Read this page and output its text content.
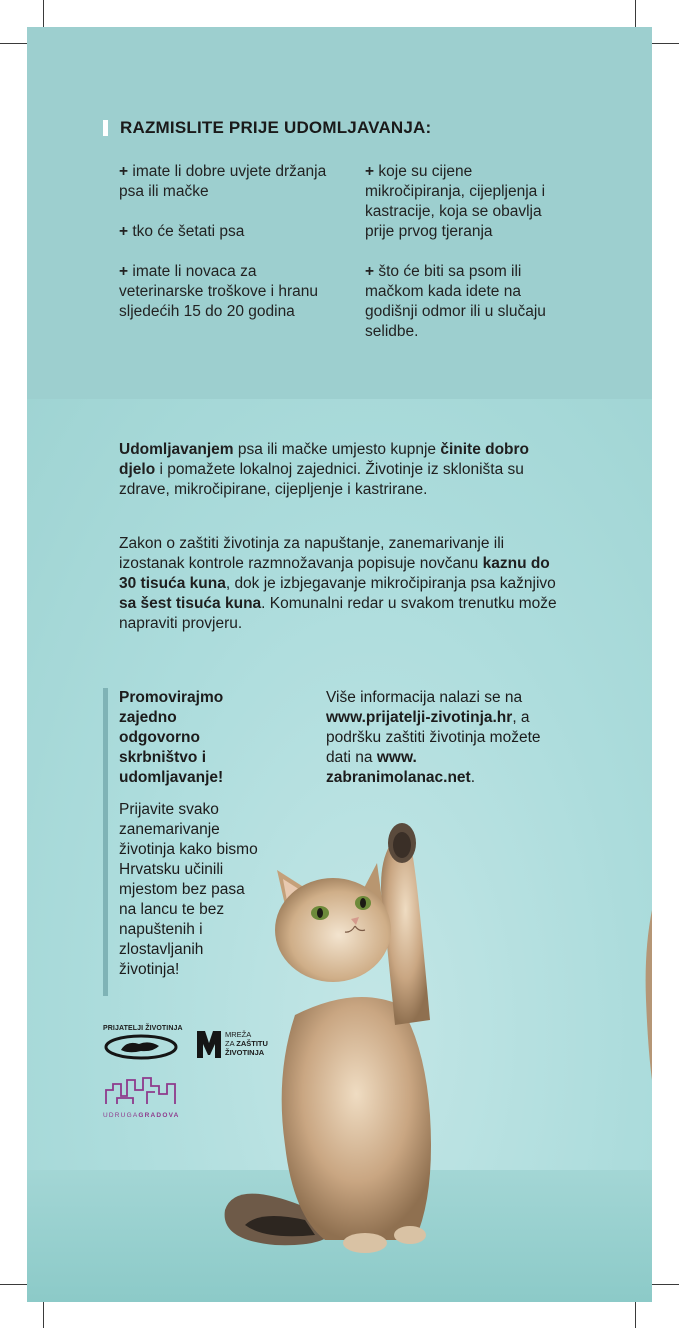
RAZMISLITE PRIJE UDOMLJAVANJA:

+ imate li dobre uvjete držanja psa ili mačke

+ tko će šetati psa

+ imate li novaca za veterinarske troškove i hranu sljedećih 15 do 20 godina

+ koje su cijene mikročipiranja, cijepljenja i kastracije, koja se obavlja prije prvog tjeranja

+ što će biti sa psom ili mačkom kada idete na godišnji odmor ili u slučaju selidbe.

Udomljavanjem psa ili mačke umjesto kupnje činite dobro djelo i pomažete lokalnoj zajednici. Životinje iz skloništa su zdrave, mikročipirane, cijepljenje i kastrirane.
Zakon o zaštiti životinja za napuštanje, zanemarivanje ili izostanak kontrole razmnožavanja popisuje novčanu kaznu do 30 tisuća kuna, dok je izbjegavanje mikročipiranja psa kažnjivo sa šest tisuća kuna. Komunalni redar u svakom trenutku može napraviti provjeru.
Promovirajmo zajedno odgovorno skrbništvo i udomljavanje!
Prijavite svako zanemarivanje životinja kako bismo Hrvatsku učinili mjestom bez pasa na lancu te bez napuštenih i zlostavljanih životinja!
Više informacija nalazi se na www.prijatelji-zivotinja.hr, a podršku zaštiti životinja možete dati na www. zabranimolanac.net.
PRIJATELJI ŽIVOTINJA
MREŽA
ZA ZAŠTITU
ŽIVOTINJA
UDRUGAGRADOVA
